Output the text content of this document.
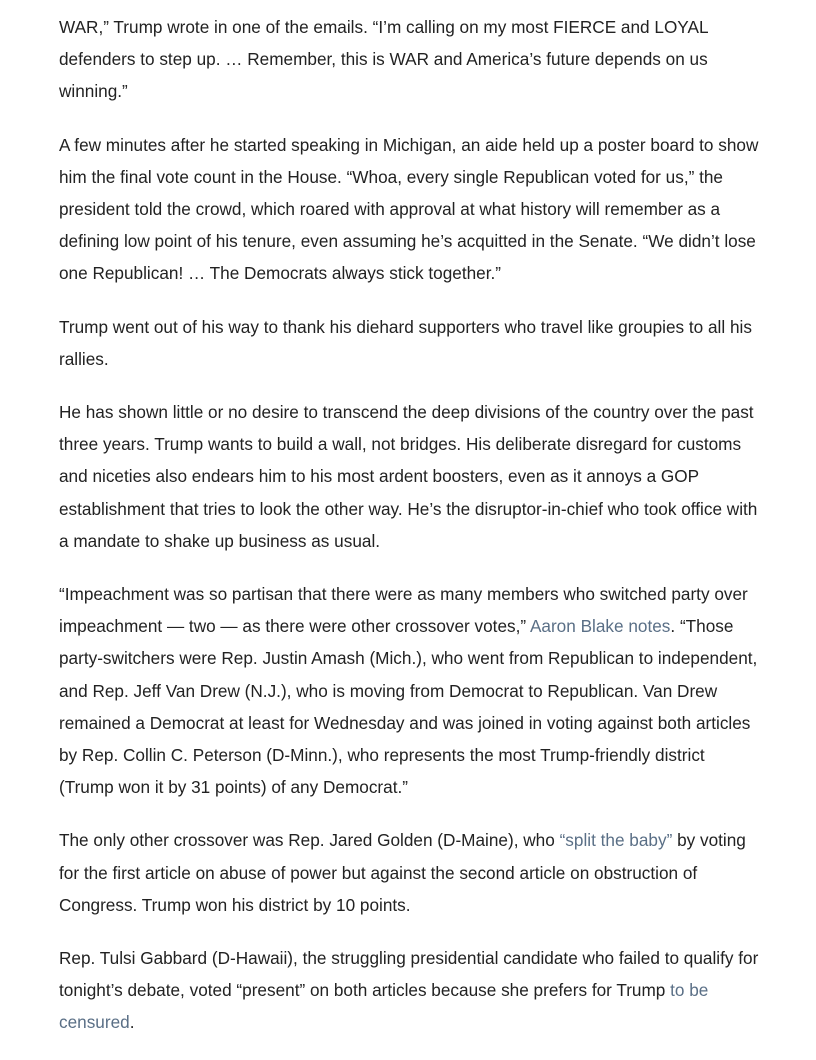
WAR,” Trump wrote in one of the emails. “I’m calling on my most FIERCE and LOYAL defenders to step up. … Remember, this is WAR and America’s future depends on us winning.”

A few minutes after he started speaking in Michigan, an aide held up a poster board to show him the final vote count in the House. “Whoa, every single Republican voted for us,” the president told the crowd, which roared with approval at what history will remember as a defining low point of his tenure, even assuming he’s acquitted in the Senate. “We didn’t lose one Republican! … The Democrats always stick together.”

Trump went out of his way to thank his diehard supporters who travel like groupies to all his rallies.

He has shown little or no desire to transcend the deep divisions of the country over the past three years. Trump wants to build a wall, not bridges. His deliberate disregard for customs and niceties also endears him to his most ardent boosters, even as it annoys a GOP establishment that tries to look the other way. He’s the disruptor-in-chief who took office with a mandate to shake up business as usual.

“Impeachment was so partisan that there were as many members who switched party over impeachment — two — as there were other crossover votes,” Aaron Blake notes. “Those party-switchers were Rep. Justin Amash (Mich.), who went from Republican to independent, and Rep. Jeff Van Drew (N.J.), who is moving from Democrat to Republican. Van Drew remained a Democrat at least for Wednesday and was joined in voting against both articles by Rep. Collin C. Peterson (D-Minn.), who represents the most Trump-friendly district (Trump won it by 31 points) of any Democrat.”

The only other crossover was Rep. Jared Golden (D-Maine), who “split the baby” by voting for the first article on abuse of power but against the second article on obstruction of Congress. Trump won his district by 10 points.

Rep. Tulsi Gabbard (D-Hawaii), the struggling presidential candidate who failed to qualify for tonight’s debate, voted “present” on both articles because she prefers for Trump to be censured.
